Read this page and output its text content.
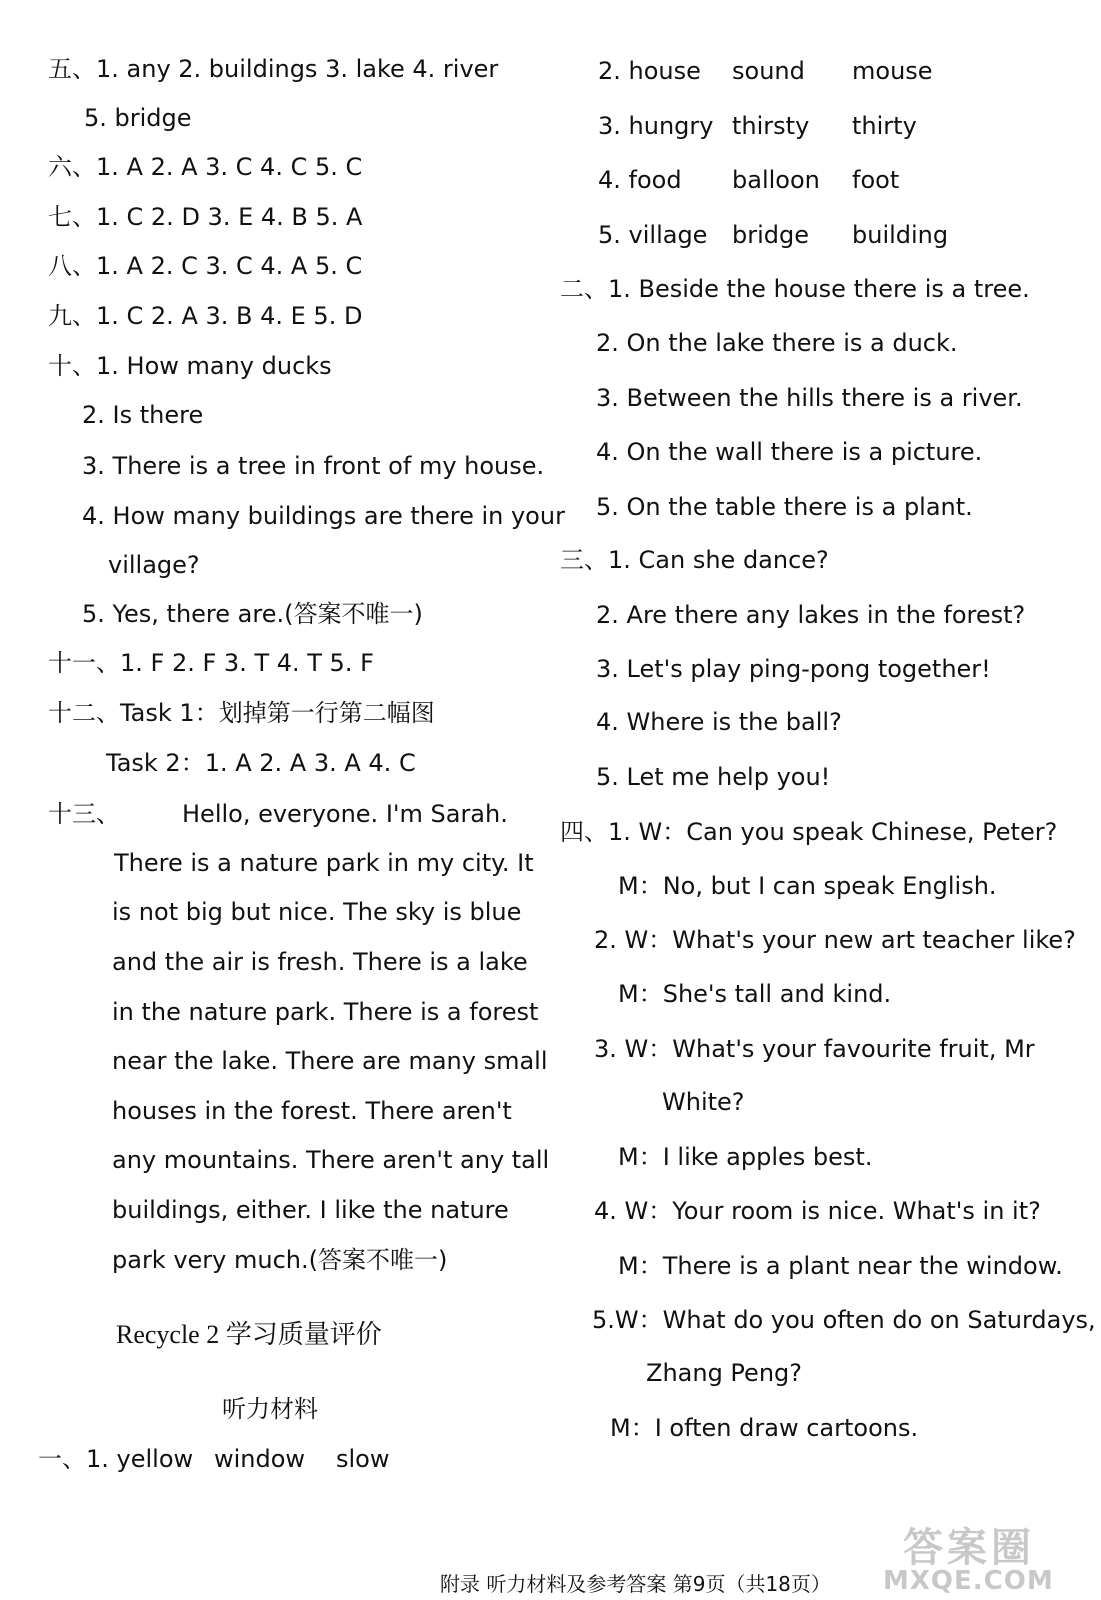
五、1. any 2. buildings 3. lake 4. river
5. bridge
六、1. A 2. A 3. C 4. C 5. C
七、1. C 2. D 3. E 4. B 5. A
八、1. A 2. C 3. C 4. A 5. C
九、1. C 2. A 3. B 4. E 5. D
十、1. How many ducks
2. Is there
3. There is a tree in front of my house.
4. How many buildings are there in your
village?
5. Yes, there are.(答案不唯一)
十一、1. F 2. F 3. T 4. T 5. F
十二、Task 1：划掉第一行第二幅图
Task 2：1. A 2. A 3. A 4. C
十三、	Hello, everyone. I'm Sarah.
There is a nature park in my city. It
is not big but nice. The sky is blue
and the air is fresh. There is a lake
in the nature park. There is a forest
near the lake. There are many small
houses in the forest. There aren't
any mountains. There aren't any tall
buildings, either. I like the nature
park very much.(答案不唯一)
Recycle 2 学习质量评价
听力材料
一、1. yellow window slow
2. house sound mouse
3. hungry thirsty thirty
4. food balloon foot
5. village bridge building
二、1. Beside the house there is a tree.
2. On the lake there is a duck.
3. Between the hills there is a river.
4. On the wall there is a picture.
5. On the table there is a plant.
三、1. Can she dance?
2. Are there any lakes in the forest?
3. Let's play ping-pong together!
4. Where is the ball?
5. Let me help you!
四、1. W：Can you speak Chinese, Peter?
M：No, but I can speak English.
2. W：What's your new art teacher like?
M：She's tall and kind.
3. W：What's your favourite fruit, Mr
White?
M：I like apples best.
4. W：Your room is nice. What's in it?
M：There is a plant near the window.
5.W：What do you often do on Saturdays,
Zhang Peng?
M：I often draw cartoons.
附录 听力材料及参考答案 第9页（共18页）
答案圈
MXQE.COM
